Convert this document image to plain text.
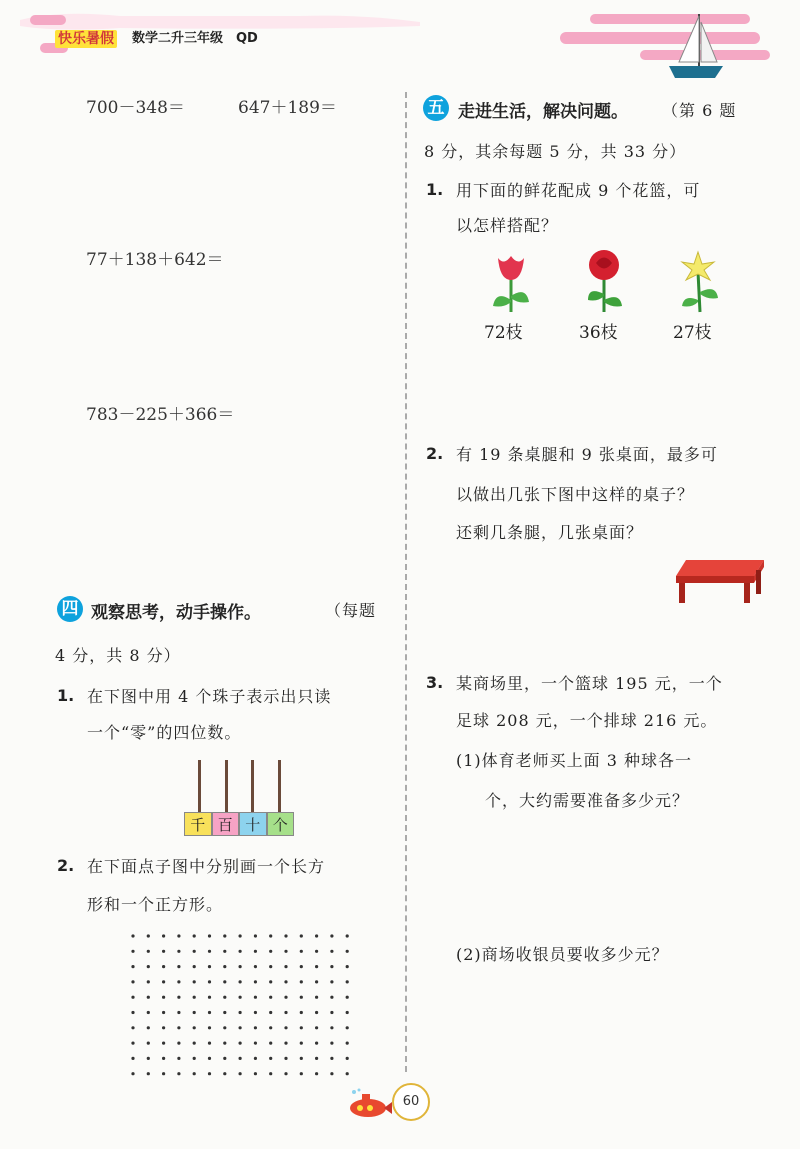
快乐暑假 数学二升三年级　QD
700－348＝	647＋189＝
77＋138＋642＝
783－225＋366＝
四 观察思考，动手操作。	（每题
4 分，共 8 分）
1. 在下图中用 4 个珠子表示出只读
一个“零”的四位数。
千 百 十 个
2. 在下面点子图中分别画一个长方
形和一个正方形。
五 走进生活，解决问题。 （第 6 题
8 分，其余每题 5 分，共 33 分）
1. 用下面的鲜花配成 9 个花篮，可
以怎样搭配？
72枝	36枝	27枝
2. 有 19 条桌腿和 9 张桌面，最多可
以做出几张下图中这样的桌子？
还剩几条腿，几张桌面？
3. 某商场里，一个篮球 195 元，一个
足球 208 元，一个排球 216 元。
(1)体育老师买上面 3 种球各一
个，大约需要准备多少元？
(2)商场收银员要收多少元？
60
